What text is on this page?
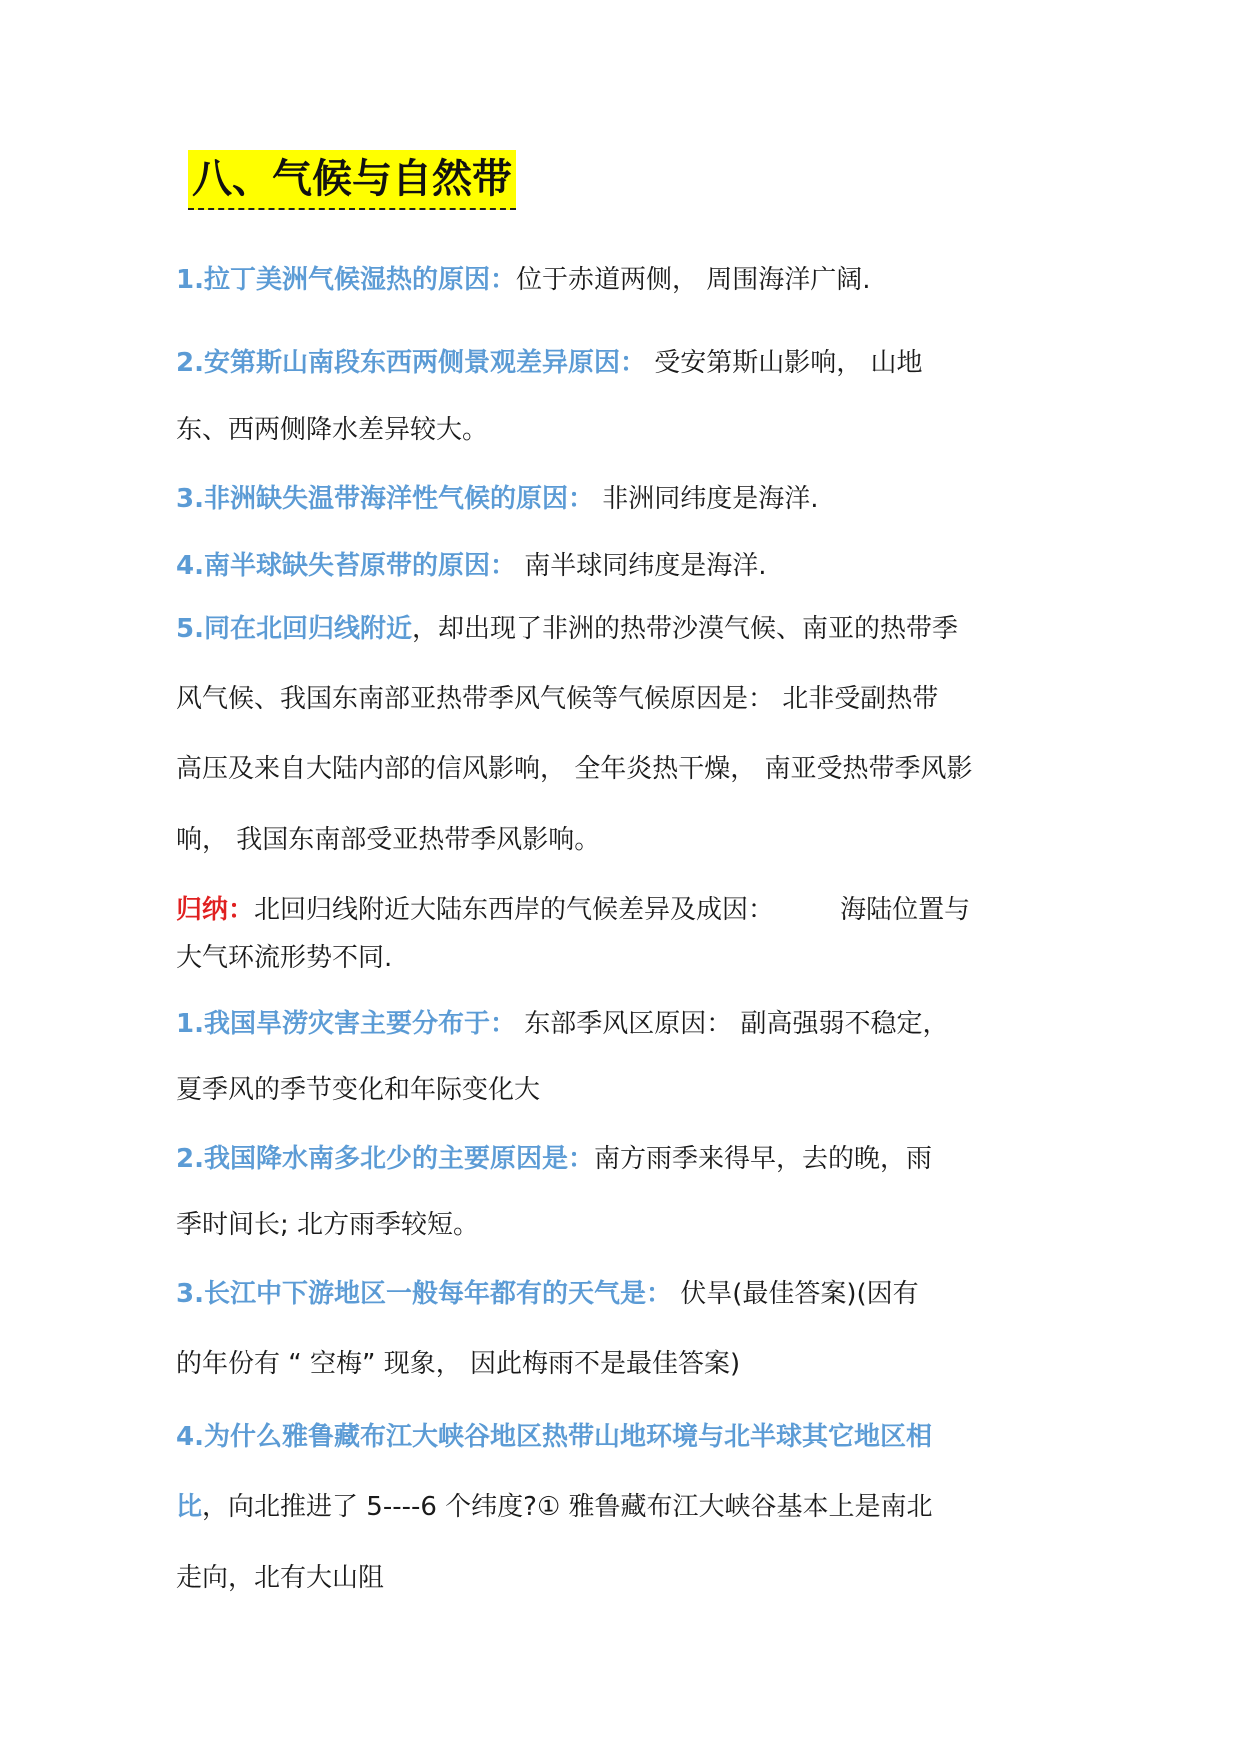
八、气候与自然带
1.拉丁美洲气候湿热的原因：位于赤道两侧， 周围海洋广阔.
2.安第斯山南段东西两侧景观差异原因： 受安第斯山影响， 山地
东、西两侧降水差异较大。
3.非洲缺失温带海洋性气候的原因： 非洲同纬度是海洋.
4.南半球缺失苔原带的原因： 南半球同纬度是海洋.
5.同在北回归线附近，却出现了非洲的热带沙漠气候、南亚的热带季
风气候、我国东南部亚热带季风气候等气候原因是： 北非受副热带
高压及来自大陆内部的信风影响， 全年炎热干燥， 南亚受热带季风影
响， 我国东南部受亚热带季风影响。
归纳：北回归线附近大陆东西岸的气候差异及成因：        海陆位置与
大气环流形势不同.
1.我国旱涝灾害主要分布于： 东部季风区原因： 副高强弱不稳定，
夏季风的季节变化和年际变化大
2.我国降水南多北少的主要原因是：南方雨季来得早，去的晚，雨
季时间长; 北方雨季较短。
3.长江中下游地区一般每年都有的天气是： 伏旱(最佳答案)(因有
的年份有 “ 空梅” 现象， 因此梅雨不是最佳答案)
4.为什么雅鲁藏布江大峡谷地区热带山地环境与北半球其它地区相
比，向北推进了 5----6 个纬度?① 雅鲁藏布江大峡谷基本上是南北
走向，北有大山阻
